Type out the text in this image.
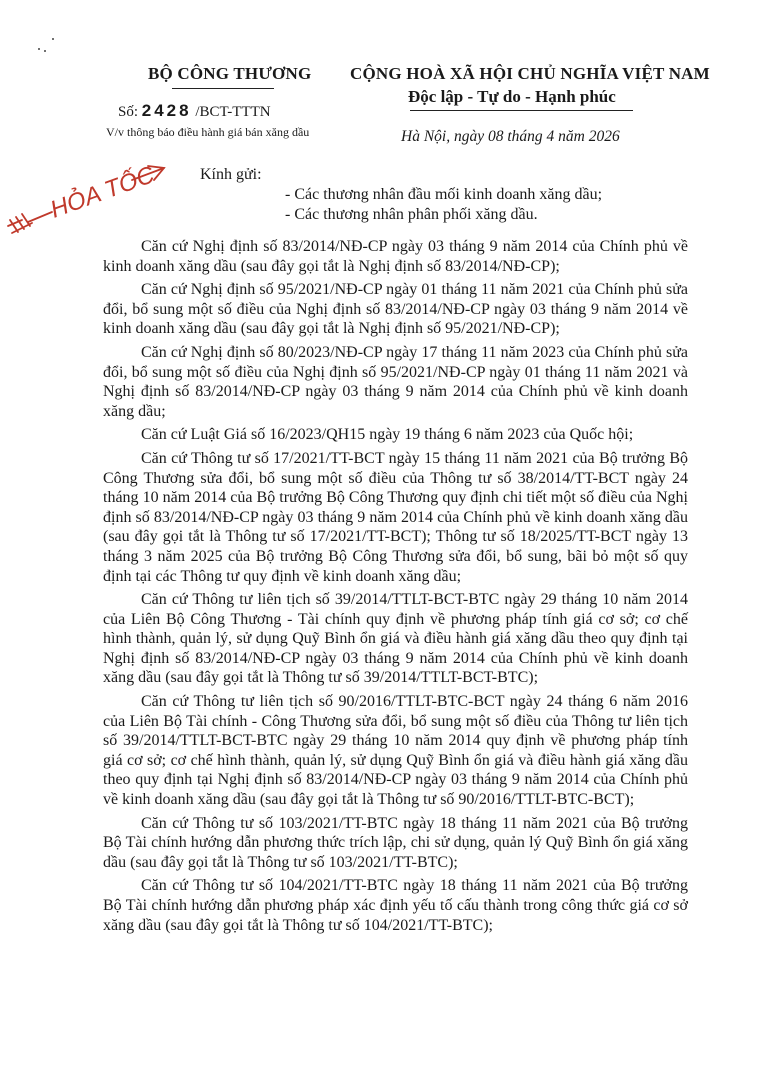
BỘ CÔNG THƯƠNG
Số: 2428 /BCT-TTTN
V/v thông báo điều hành giá bán xăng dầu
CỘNG HOÀ XÃ HỘI CHỦ NGHĨA VIỆT NAM
Độc lập - Tự do - Hạnh phúc
Hà Nội, ngày 08 tháng 4 năm 2026
HỎA TỐC	Kính gửi:
- Các thương nhân đầu mối kinh doanh xăng dầu;
- Các thương nhân phân phối xăng dầu.

Căn cứ Nghị định số 83/2014/NĐ-CP ngày 03 tháng 9 năm 2014 của Chính phủ về kinh doanh xăng dầu (sau đây gọi tắt là Nghị định số 83/2014/NĐ-CP);

Căn cứ Nghị định số 95/2021/NĐ-CP ngày 01 tháng 11 năm 2021 của Chính phủ sửa đổi, bổ sung một số điều của Nghị định số 83/2014/NĐ-CP ngày 03 tháng 9 năm 2014 về kinh doanh xăng dầu (sau đây gọi tắt là Nghị định số 95/2021/NĐ-CP);

Căn cứ Nghị định số 80/2023/NĐ-CP ngày 17 tháng 11 năm 2023 của Chính phủ sửa đổi, bổ sung một số điều của Nghị định số 95/2021/NĐ-CP ngày 01 tháng 11 năm 2021 và Nghị định số 83/2014/NĐ-CP ngày 03 tháng 9 năm 2014 của Chính phủ về kinh doanh xăng dầu;

Căn cứ Luật Giá số 16/2023/QH15 ngày 19 tháng 6 năm 2023 của Quốc hội;

Căn cứ Thông tư số 17/2021/TT-BCT ngày 15 tháng 11 năm 2021 của Bộ trưởng Bộ Công Thương sửa đổi, bổ sung một số điều của Thông tư số 38/2014/TT-BCT ngày 24 tháng 10 năm 2014 của Bộ trưởng Bộ Công Thương quy định chi tiết một số điều của Nghị định số 83/2014/NĐ-CP ngày 03 tháng 9 năm 2014 của Chính phủ về kinh doanh xăng dầu (sau đây gọi tắt là Thông tư số 17/2021/TT-BCT); Thông tư số 18/2025/TT-BCT ngày 13 tháng 3 năm 2025 của Bộ trưởng Bộ Công Thương sửa đổi, bổ sung, bãi bỏ một số quy định tại các Thông tư quy định về kinh doanh xăng dầu;

Căn cứ Thông tư liên tịch số 39/2014/TTLT-BCT-BTC ngày 29 tháng 10 năm 2014 của Liên Bộ Công Thương - Tài chính quy định về phương pháp tính giá cơ sở; cơ chế hình thành, quản lý, sử dụng Quỹ Bình ổn giá và điều hành giá xăng dầu theo quy định tại Nghị định số 83/2014/NĐ-CP ngày 03 tháng 9 năm 2014 của Chính phủ về kinh doanh xăng dầu (sau đây gọi tắt là Thông tư số 39/2014/TTLT-BCT-BTC);

Căn cứ Thông tư liên tịch số 90/2016/TTLT-BTC-BCT ngày 24 tháng 6 năm 2016 của Liên Bộ Tài chính - Công Thương sửa đổi, bổ sung một số điều của Thông tư liên tịch số 39/2014/TTLT-BCT-BTC ngày 29 tháng 10 năm 2014 quy định về phương pháp tính giá cơ sở; cơ chế hình thành, quản lý, sử dụng Quỹ Bình ổn giá và điều hành giá xăng dầu theo quy định tại Nghị định số 83/2014/NĐ-CP ngày 03 tháng 9 năm 2014 của Chính phủ về kinh doanh xăng dầu (sau đây gọi tắt là Thông tư số 90/2016/TTLT-BTC-BCT);

Căn cứ Thông tư số 103/2021/TT-BTC ngày 18 tháng 11 năm 2021 của Bộ trưởng Bộ Tài chính hướng dẫn phương thức trích lập, chi sử dụng, quản lý Quỹ Bình ổn giá xăng dầu (sau đây gọi tắt là Thông tư số 103/2021/TT-BTC);

Căn cứ Thông tư số 104/2021/TT-BTC ngày 18 tháng 11 năm 2021 của Bộ trưởng Bộ Tài chính hướng dẫn phương pháp xác định yếu tố cấu thành trong công thức giá cơ sở xăng dầu (sau đây gọi tắt là Thông tư số 104/2021/TT-BTC);
